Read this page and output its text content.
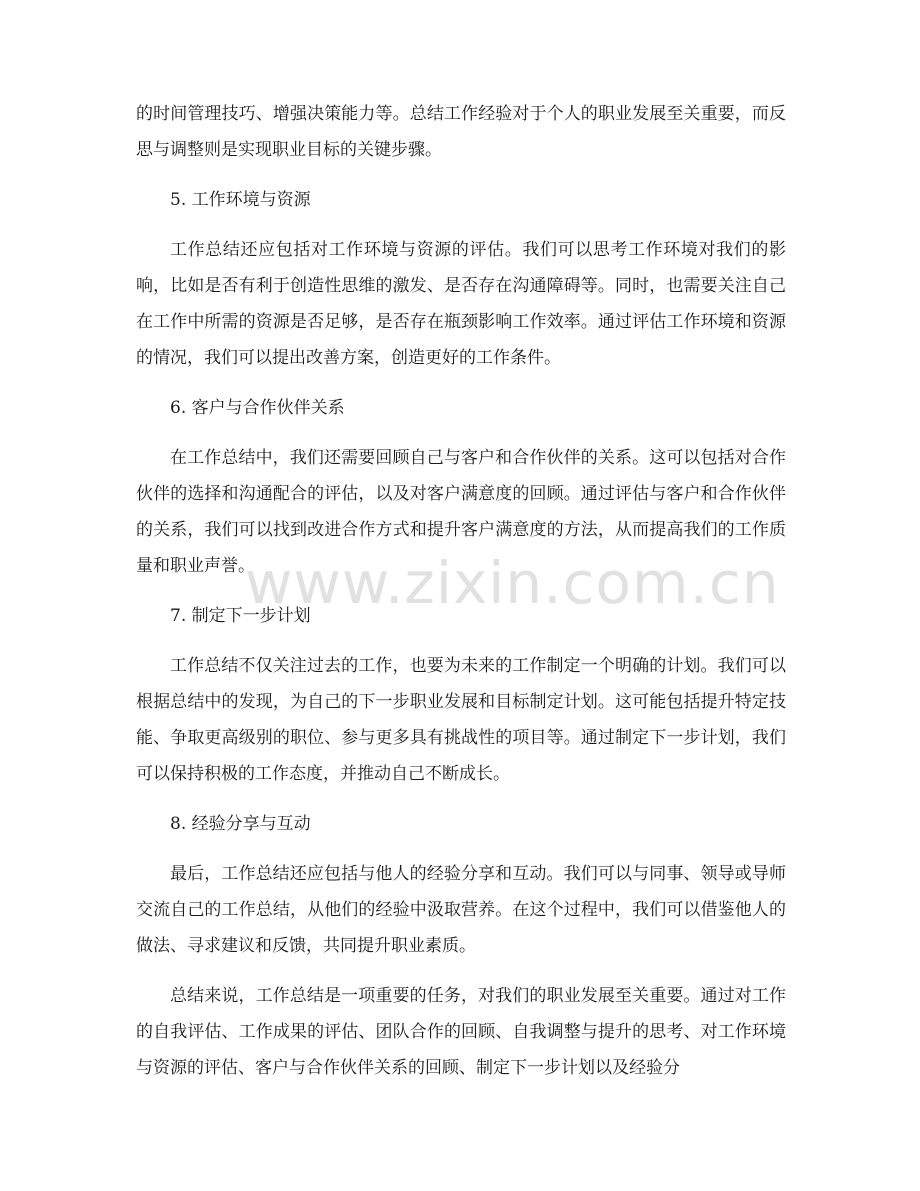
的时间管理技巧、增强决策能力等。总结工作经验对于个人的职业发展至关重要，而反思与调整则是实现职业目标的关键步骤。

5. 工作环境与资源

工作总结还应包括对工作环境与资源的评估。我们可以思考工作环境对我们的影响，比如是否有利于创造性思维的激发、是否存在沟通障碍等。同时，也需要关注自己在工作中所需的资源是否足够，是否存在瓶颈影响工作效率。通过评估工作环境和资源的情况，我们可以提出改善方案，创造更好的工作条件。

6. 客户与合作伙伴关系

在工作总结中，我们还需要回顾自己与客户和合作伙伴的关系。这可以包括对合作伙伴的选择和沟通配合的评估，以及对客户满意度的回顾。通过评估与客户和合作伙伴的关系，我们可以找到改进合作方式和提升客户满意度的方法，从而提高我们的工作质量和职业声誉。

7. 制定下一步计划

工作总结不仅关注过去的工作，也要为未来的工作制定一个明确的计划。我们可以根据总结中的发现，为自己的下一步职业发展和目标制定计划。这可能包括提升特定技能、争取更高级别的职位、参与更多具有挑战性的项目等。通过制定下一步计划，我们可以保持积极的工作态度，并推动自己不断成长。

8. 经验分享与互动

最后，工作总结还应包括与他人的经验分享和互动。我们可以与同事、领导或导师交流自己的工作总结，从他们的经验中汲取营养。在这个过程中，我们可以借鉴他人的做法、寻求建议和反馈，共同提升职业素质。

总结来说，工作总结是一项重要的任务，对我们的职业发展至关重要。通过对工作的自我评估、工作成果的评估、团队合作的回顾、自我调整与提升的思考、对工作环境与资源的评估、客户与合作伙伴关系的回顾、制定下一步计划以及经验分

www.zixin.com.cn
